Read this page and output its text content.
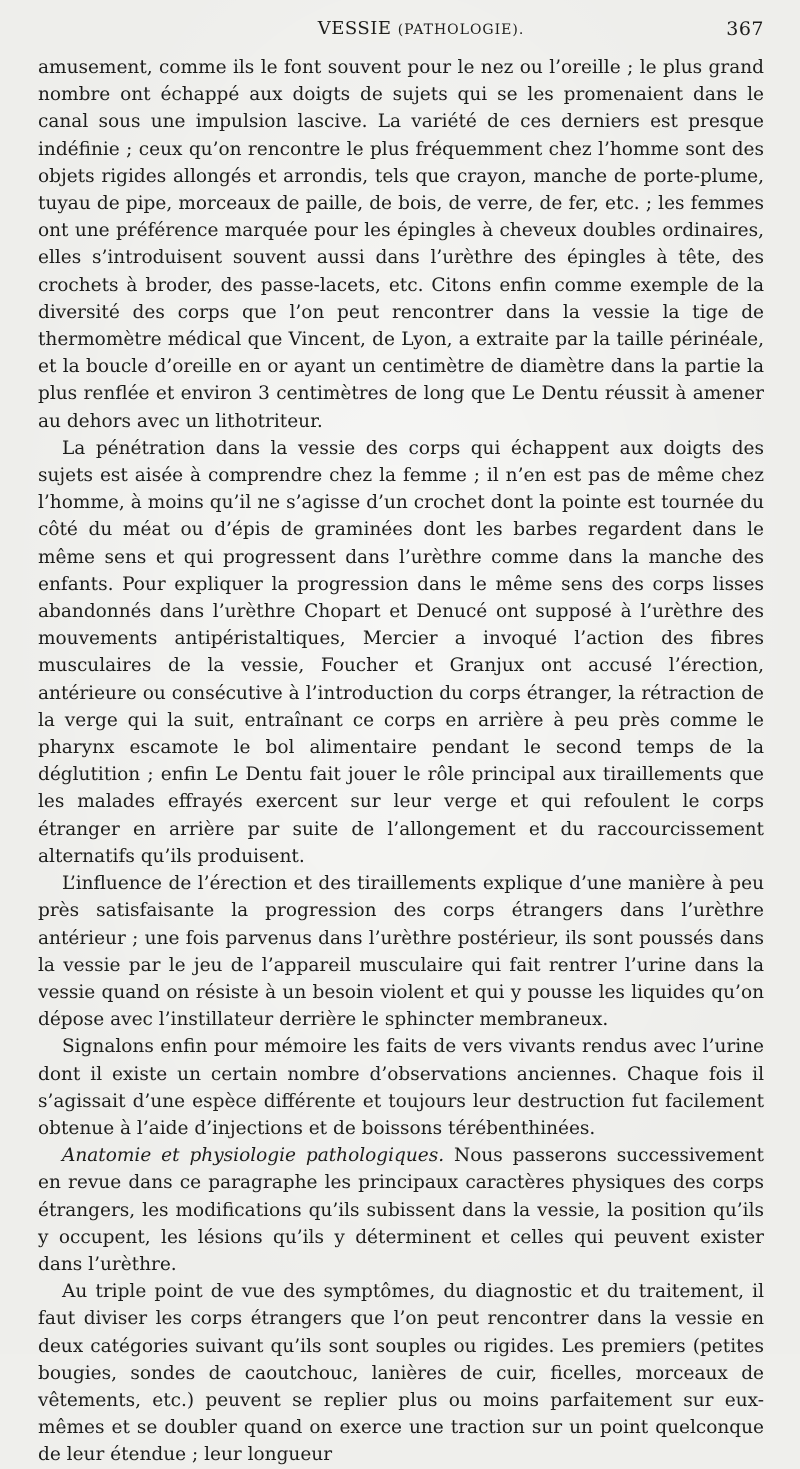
VESSIE (PATHOLOGIE).	367

amusement, comme ils le font souvent pour le nez ou l’oreille ; le plus grand nombre ont échappé aux doigts de sujets qui se les promenaient dans le canal sous une impulsion lascive. La variété de ces derniers est presque indéfinie ; ceux qu’on rencontre le plus fréquemment chez l’homme sont des objets rigides allongés et arrondis, tels que crayon, manche de porte-plume, tuyau de pipe, morceaux de paille, de bois, de verre, de fer, etc. ; les femmes ont une préférence marquée pour les épingles à cheveux doubles ordinaires, elles s’introduisent souvent aussi dans l’urèthre des épingles à tête, des crochets à broder, des passe-lacets, etc. Citons enfin comme exemple de la diversité des corps que l’on peut rencontrer dans la vessie la tige de thermomètre médical que Vincent, de Lyon, a extraite par la taille périnéale, et la boucle d’oreille en or ayant un centimètre de diamètre dans la partie la plus renflée et environ 3 centimètres de long que Le Dentu réussit à amener au dehors avec un lithotriteur.

La pénétration dans la vessie des corps qui échappent aux doigts des sujets est aisée à comprendre chez la femme ; il n’en est pas de même chez l’homme, à moins qu’il ne s’agisse d’un crochet dont la pointe est tournée du côté du méat ou d’épis de graminées dont les barbes regardent dans le même sens et qui progressent dans l’urèthre comme dans la manche des enfants. Pour expliquer la progression dans le même sens des corps lisses abandonnés dans l’urèthre Chopart et Denucé ont supposé à l’urèthre des mouvements antipéristaltiques, Mercier a invoqué l’action des fibres musculaires de la vessie, Foucher et Granjux ont accusé l’érection, antérieure ou consécutive à l’introduction du corps étranger, la rétraction de la verge qui la suit, entraînant ce corps en arrière à peu près comme le pharynx escamote le bol alimentaire pendant le second temps de la déglutition ; enfin Le Dentu fait jouer le rôle principal aux tiraillements que les malades effrayés exercent sur leur verge et qui refoulent le corps étranger en arrière par suite de l’allongement et du raccourcissement alternatifs qu’ils produisent.

L’influence de l’érection et des tiraillements explique d’une manière à peu près satisfaisante la progression des corps étrangers dans l’urèthre antérieur ; une fois parvenus dans l’urèthre postérieur, ils sont poussés dans la vessie par le jeu de l’appareil musculaire qui fait rentrer l’urine dans la vessie quand on résiste à un besoin violent et qui y pousse les liquides qu’on dépose avec l’instillateur derrière le sphincter membraneux.

Signalons enfin pour mémoire les faits de vers vivants rendus avec l’urine dont il existe un certain nombre d’observations anciennes. Chaque fois il s’agissait d’une espèce différente et toujours leur destruction fut facilement obtenue à l’aide d’injections et de boissons térébenthinées.

Anatomie et physiologie pathologiques. Nous passerons successivement en revue dans ce paragraphe les principaux caractères physiques des corps étrangers, les modifications qu’ils subissent dans la vessie, la position qu’ils y occupent, les lésions qu’ils y déterminent et celles qui peuvent exister dans l’urèthre.

Au triple point de vue des symptômes, du diagnostic et du traitement, il faut diviser les corps étrangers que l’on peut rencontrer dans la vessie en deux catégories suivant qu’ils sont souples ou rigides. Les premiers (petites bougies, sondes de caoutchouc, lanières de cuir, ficelles, morceaux de vêtements, etc.) peuvent se replier plus ou moins parfaitement sur eux-mêmes et se doubler quand on exerce une traction sur un point quelconque de leur étendue ; leur longueur
